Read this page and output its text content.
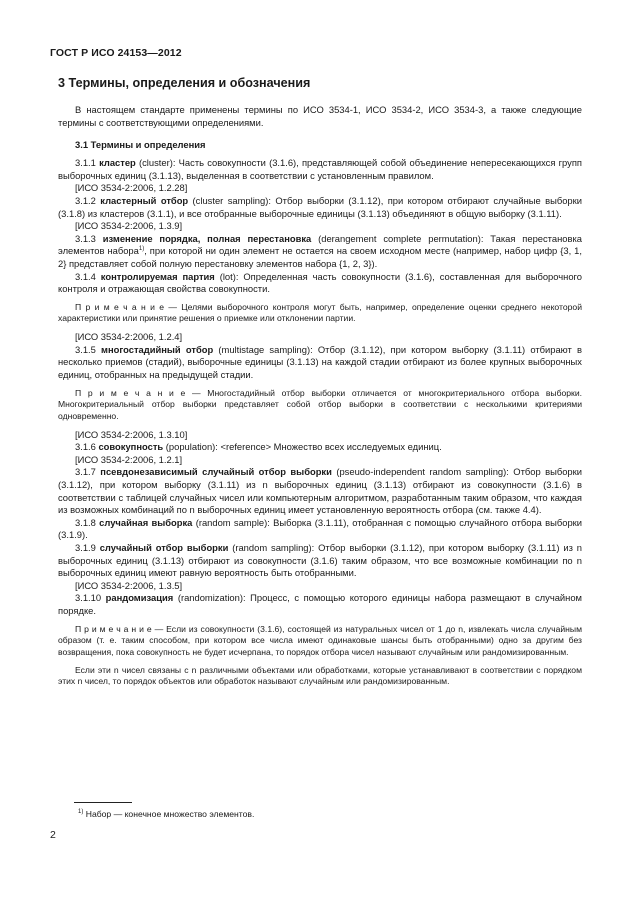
ГОСТ Р ИСО 24153—2012
3 Термины, определения и обозначения

В настоящем стандарте применены термины по ИСО 3534-1, ИСО 3534-2, ИСО 3534-3, а также следующие термины с соответствующими определениями.

3.1 Термины и определения

3.1.1 кластер (cluster): Часть совокупности (3.1.6), представляющей собой объединение непересекающихся групп выборочных единиц (3.1.13), выделенная в соответствии с установленным правилом.

[ИСО 3534-2:2006, 1.2.28]

3.1.2 кластерный отбор (cluster sampling): Отбор выборки (3.1.12), при котором отбирают случайные выборки (3.1.8) из кластеров (3.1.1), и все отобранные выборочные единицы (3.1.13) объединяют в общую выборку (3.1.11).

[ИСО 3534-2:2006, 1.3.9]

3.1.3 изменение порядка, полная перестановка (derangement complete permutation): Такая перестановка элементов набора$^{1)}$, при которой ни один элемент не остается на своем исходном месте (например, набор цифр {3, 1, 2} представляет собой полную перестановку элементов набора {1, 2, 3}).

3.1.4 контролируемая партия (lot): Определенная часть совокупности (3.1.6), составленная для выборочного контроля и отражающая свойства совокупности.

П р и м е ч а н и е — Целями выборочного контроля могут быть, например, определение оценки среднего некоторой характеристики или принятие решения о приемке или отклонении партии.

[ИСО 3534-2:2006, 1.2.4]

3.1.5 многостадийный отбор (multistage sampling): Отбор (3.1.12), при котором выборку (3.1.11) отбирают в несколько приемов (стадий), выборочные единицы (3.1.13) на каждой стадии отбирают из более крупных выборочных единиц, отобранных на предыдущей стадии.

П р и м е ч а н и е — Многостадийный отбор выборки отличается от многокритериального отбора выборки. Многокритериальный отбор выборки представляет собой отбор выборки в соответствии с несколькими критериями одновременно.

[ИСО 3534-2:2006, 1.3.10]

3.1.6 совокупность (population): <reference> Множество всех исследуемых единиц.

[ИСО 3534-2:2006, 1.2.1]

3.1.7 псевдонезависимый случайный отбор выборки (pseudo-independent random sampling): Отбор выборки (3.1.12), при котором выборку (3.1.11) из n выборочных единиц (3.1.13) отбирают из совокупности (3.1.6) в соответствии с таблицей случайных чисел или компьютерным алгоритмом, разработанным таким образом, что каждая из возможных комбинаций по n выборочных единиц имеет установленную вероятность отбора (см. также 4.4).

3.1.8 случайная выборка (random sample): Выборка (3.1.11), отобранная с помощью случайного отбора выборки (3.1.9).

3.1.9 случайный отбор выборки (random sampling): Отбор выборки (3.1.12), при котором выборку (3.1.11) из n выборочных единиц (3.1.13) отбирают из совокупности (3.1.6) таким образом, что все возможные комбинации по n выборочных единиц имеют равную вероятность быть отобранными.

[ИСО 3534-2:2006, 1.3.5]

3.1.10 рандомизация (randomization): Процесс, с помощью которого единицы набора размещают в случайном порядке.

П р и м е ч а н и е — Если из совокупности (3.1.6), состоящей из натуральных чисел от 1 до n, извлекать числа случайным образом (т. е. таким способом, при котором все числа имеют одинаковые шансы быть отобранными) одно за другим без возвращения, пока совокупность не будет исчерпана, то порядок отбора чисел называют случайным или рандомизированным.

Если эти n чисел связаны с n различными объектами или обработками, которые устанавливают в соответствии с порядком этих n чисел, то порядок объектов или обработок называют случайным или рандомизированным.

$^{1)}$ Набор — конечное множество элементов.
2
